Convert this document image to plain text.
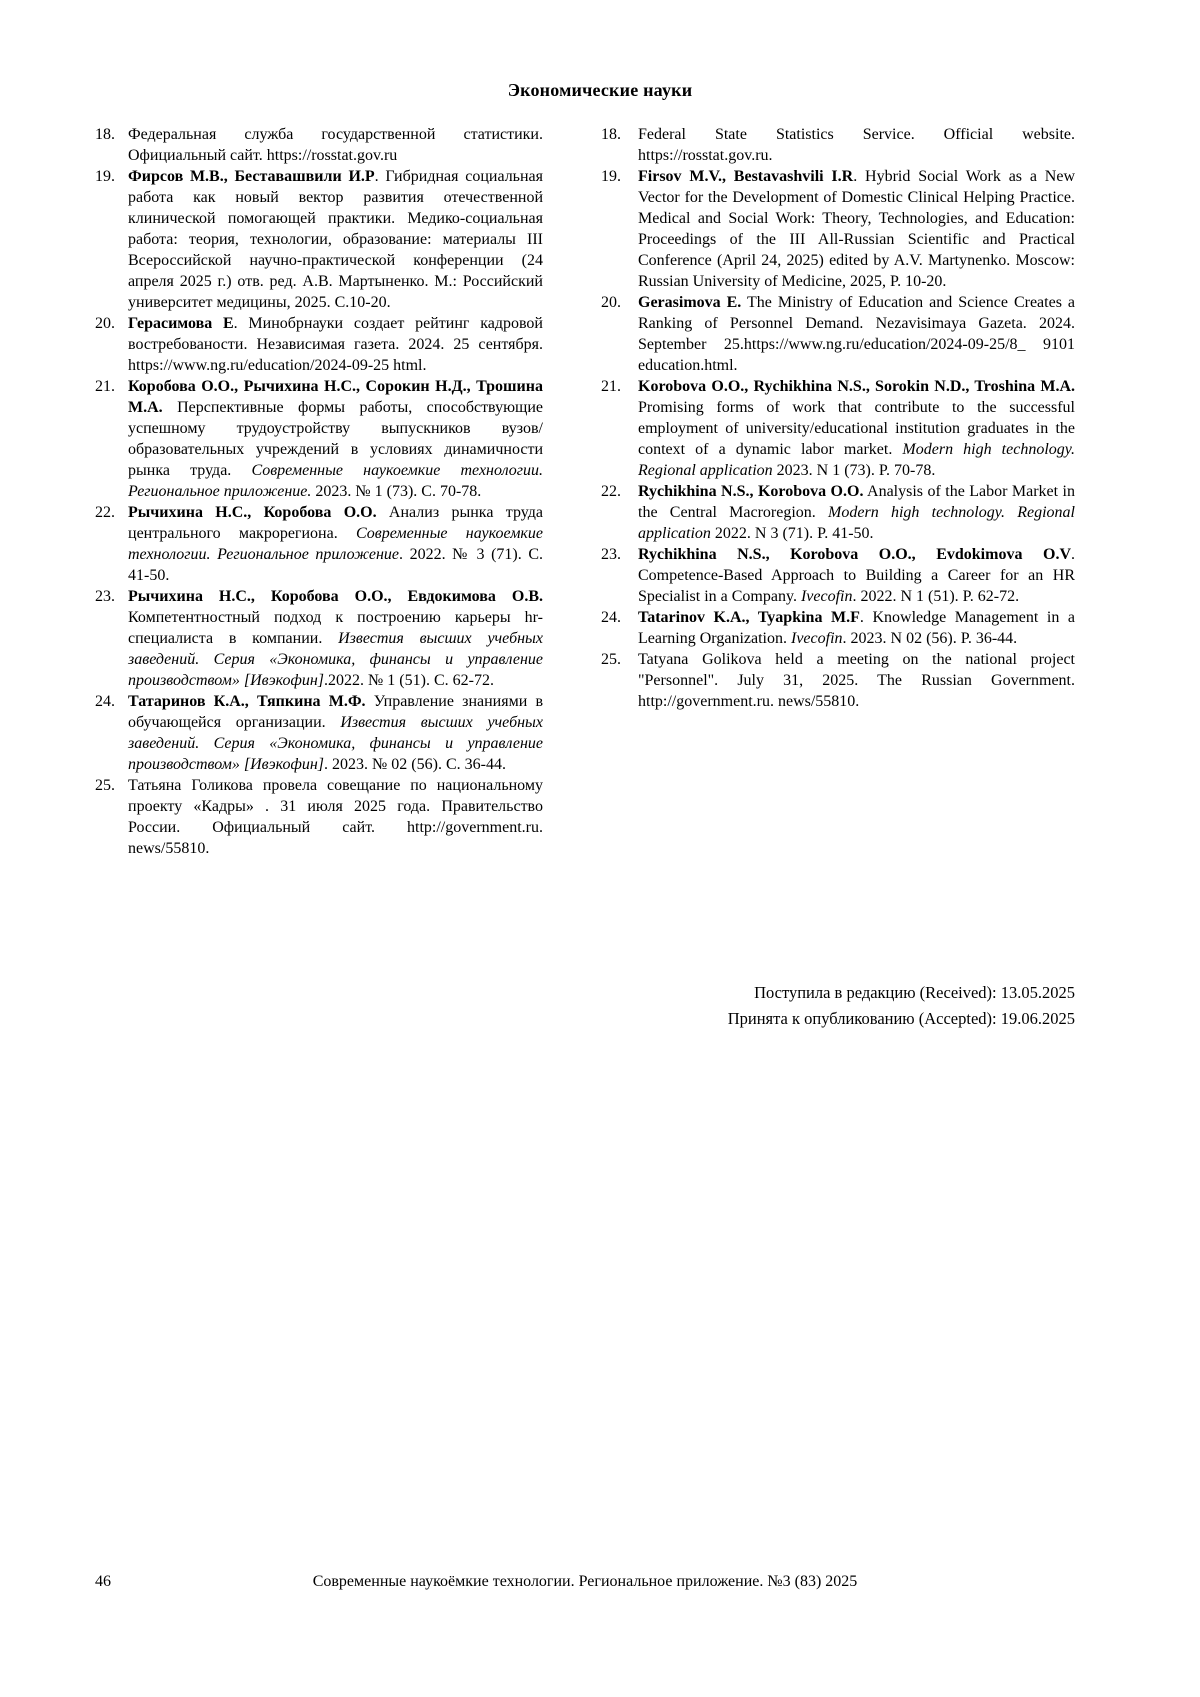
Экономические науки
18. Федеральная служба государственной статистики. Официальный сайт. https://rosstat.gov.ru
19. Фирсов М.В., Беставашвили И.Р. Гибридная социальная работа как новый вектор развития отечественной клинической помогающей практики. Медико-социальная работа: теория, технологии, образование: материалы III Всероссийской научно-практической конференции (24 апреля 2025 г.) отв. ред. А.В. Мартыненко. М.: Российский университет медицины, 2025. С.10-20.
20. Герасимова Е. Минобрнауки создает рейтинг кадровой востребованости. Независимая газета. 2024. 25 сентября. https://www.ng.ru/education/2024-09-25 html.
21. Коробова О.О., Рычихина Н.С., Сорокин Н.Д., Трошина М.А. Перспективные формы работы, способствующие успешному трудоустройству выпускников вузов/образовательных учреждений в условиях динамичности рынка труда. Современные наукоемкие технологии. Региональное приложение. 2023. № 1 (73). С. 70-78.
22. Рычихина Н.С., Коробова О.О. Анализ рынка труда центрального макрорегиона. Современные наукоемкие технологии. Региональное приложение. 2022. № 3 (71). С. 41-50.
23. Рычихина Н.С., Коробова О.О., Евдокимова О.В. Компетентностный подход к построению карьеры hr-специалиста в компании. Известия высших учебных заведений. Серия «Экономика, финансы и управление производством» [Ивэкофин].2022. № 1 (51). С. 62-72.
24. Татаринов К.А., Тяпкина М.Ф. Управление знаниями в обучающейся организации. Известия высших учебных заведений. Серия «Экономика, финансы и управление производством» [Ивэкофин]. 2023. № 02 (56). С. 36-44.
25. Татьяна Голикова провела совещание по национальному проекту «Кадры» . 31 июля 2025 года. Правительство России. Официальный сайт. http://government.ru. news/55810.
18. Federal State Statistics Service. Official website. https://rosstat.gov.ru.
19. Firsov M.V., Bestavashvili I.R. Hybrid Social Work as a New Vector for the Development of Domestic Clinical Helping Practice. Medical and Social Work: Theory, Technologies, and Education: Proceedings of the III All-Russian Scientific and Practical Conference (April 24, 2025) edited by A.V. Martynenko. Moscow: Russian University of Medicine, 2025, P. 10-20.
20. Gerasimova E. The Ministry of Education and Science Creates a Ranking of Personnel Demand. Nezavisimaya Gazeta. 2024. September 25.https://www.ng.ru/education/2024-09-25/8_ 9101 education.html.
21. Korobova O.O., Rychikhina N.S., Sorokin N.D., Troshina M.A. Promising forms of work that contribute to the successful employment of university/educational institution graduates in the context of a dynamic labor market. Modern high technology. Regional application 2023. N 1 (73). P. 70-78.
22. Rychikhina N.S., Korobova O.O. Analysis of the Labor Market in the Central Macroregion. Modern high technology. Regional application 2022. N 3 (71). P. 41-50.
23. Rychikhina N.S., Korobova O.O., Evdokimova O.V. Competence-Based Approach to Building a Career for an HR Specialist in a Company. Ivecofin. 2022. N 1 (51). P. 62-72.
24. Tatarinov K.A., Tyapkina M.F. Knowledge Management in a Learning Organization. Ivecofin. 2023. N 02 (56). P. 36-44.
25. Tatyana Golikova held a meeting on the national project "Personnel". July 31, 2025. The Russian Government. http://government.ru. news/55810.
Поступила в редакцию (Received): 13.05.2025
Принята к опубликованию (Accepted): 19.06.2025
46	Современные наукоёмкие технологии. Региональное приложение. №3 (83) 2025
